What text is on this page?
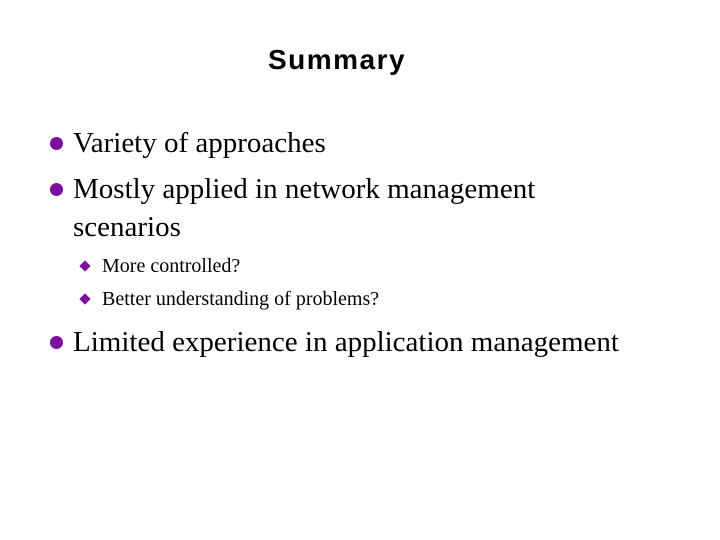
Summary
Variety of approaches
Mostly applied in network management
scenarios
More controlled?
Better understanding of problems?
Limited experience in application management
